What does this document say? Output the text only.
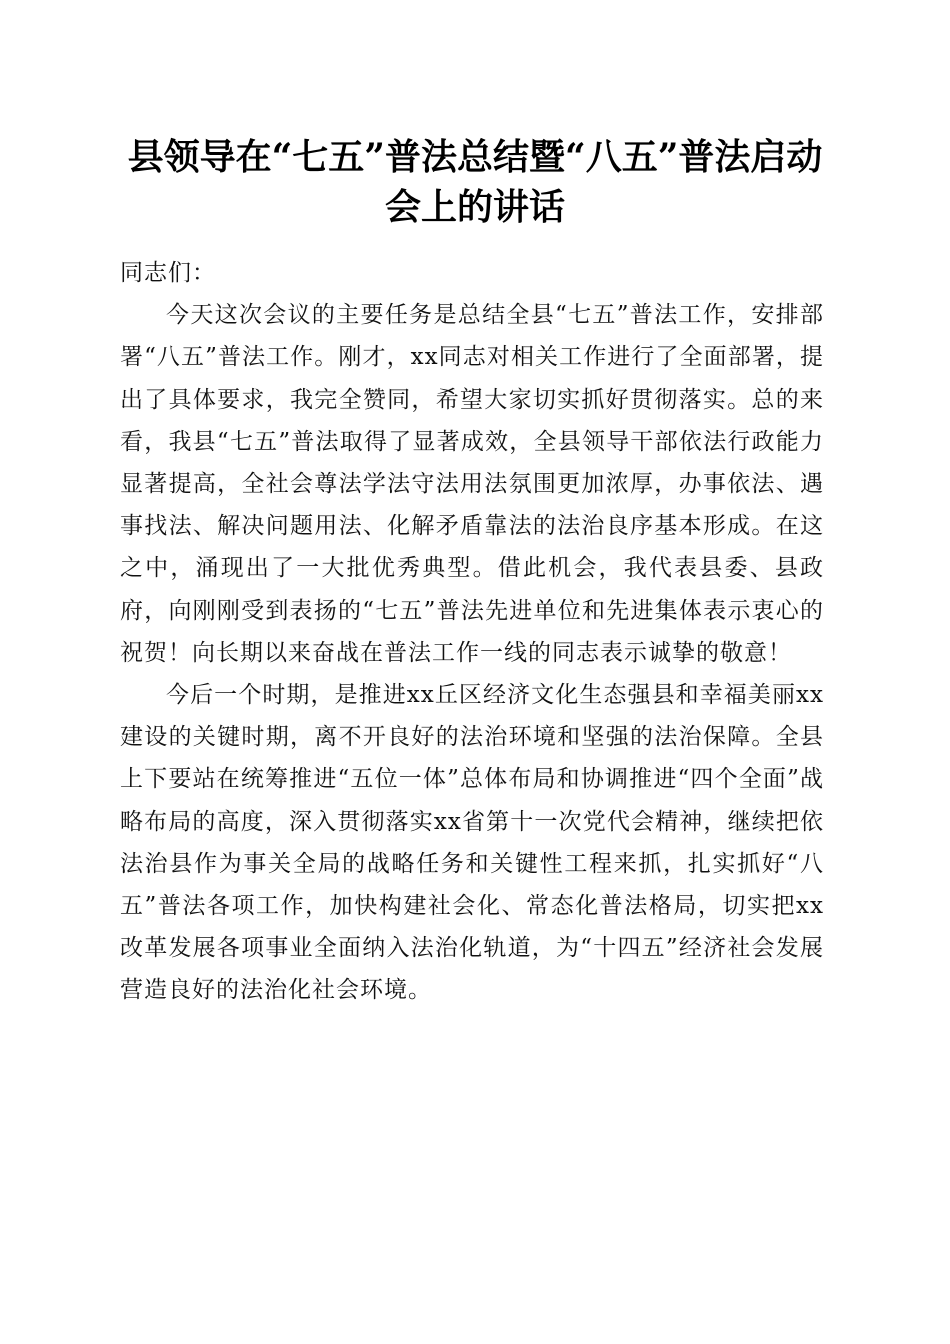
县领导在“七五”普法总结暨“八五”普法启动会上的讲话

同志们：

今天这次会议的主要任务是总结全县“七五”普法工作，安排部署“八五”普法工作。刚才，xx同志对相关工作进行了全面部署，提出了具体要求，我完全赞同，希望大家切实抓好贯彻落实。总的来看，我县“七五”普法取得了显著成效，全县领导干部依法行政能力显著提高，全社会尊法学法守法用法氛围更加浓厚，办事依法、遇事找法、解决问题用法、化解矛盾靠法的法治良序基本形成。在这之中，涌现出了一大批优秀典型。借此机会，我代表县委、县政府，向刚刚受到表扬的“七五”普法先进单位和先进集体表示衷心的祝贺！向长期以来奋战在普法工作一线的同志表示诚挚的敬意！

今后一个时期，是推进xx丘区经济文化生态强县和幸福美丽xx建设的关键时期，离不开良好的法治环境和坚强的法治保障。全县上下要站在统筹推进“五位一体”总体布局和协调推进“四个全面”战略布局的高度，深入贯彻落实xx省第十一次党代会精神，继续把依法治县作为事关全局的战略任务和关键性工程来抓，扎实抓好“八五”普法各项工作，加快构建社会化、常态化普法格局，切实把xx改革发展各项事业全面纳入法治化轨道，为“十四五”经济社会发展营造良好的法治化社会环境。
